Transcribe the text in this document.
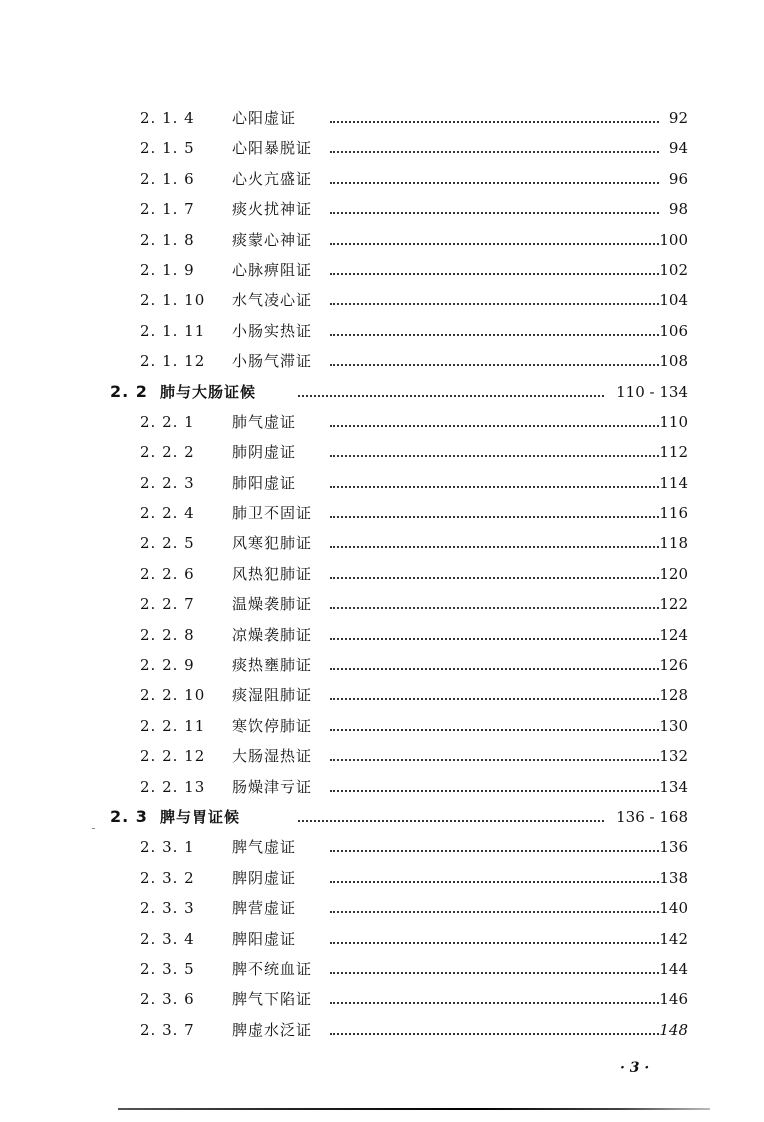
2. 1. 4 心阳虚证	92
2. 1. 5 心阳暴脱证	94
2. 1. 6 心火亢盛证	96
2. 1. 7 痰火扰神证	98
2. 1. 8 痰蒙心神证	100
2. 1. 9 心脉痹阻证	102
2. 1. 10 水气凌心证	104
2. 1. 11 小肠实热证	106
2. 1. 12 小肠气滞证	108
2. 2 肺与大肠证候	110 - 134
2. 2. 1 肺气虚证	110
2. 2. 2 肺阴虚证	112
2. 2. 3 肺阳虚证	114
2. 2. 4 肺卫不固证	116
2. 2. 5 风寒犯肺证	118
2. 2. 6 风热犯肺证	120
2. 2. 7 温燥袭肺证	122
2. 2. 8 凉燥袭肺证	124
2. 2. 9 痰热壅肺证	126
2. 2. 10 痰湿阻肺证	128
2. 2. 11 寒饮停肺证	130
2. 2. 12 大肠湿热证	132
2. 2. 13 肠燥津亏证	134
2. 3 脾与胃证候	136 - 168
2. 3. 1 脾气虚证	136
2. 3. 2 脾阴虚证	138
2. 3. 3 脾营虚证	140
2. 3. 4 脾阳虚证	142
2. 3. 5 脾不统血证	144
2. 3. 6 脾气下陷证	146
2. 3. 7 脾虚水泛证	148
· 3 ·
